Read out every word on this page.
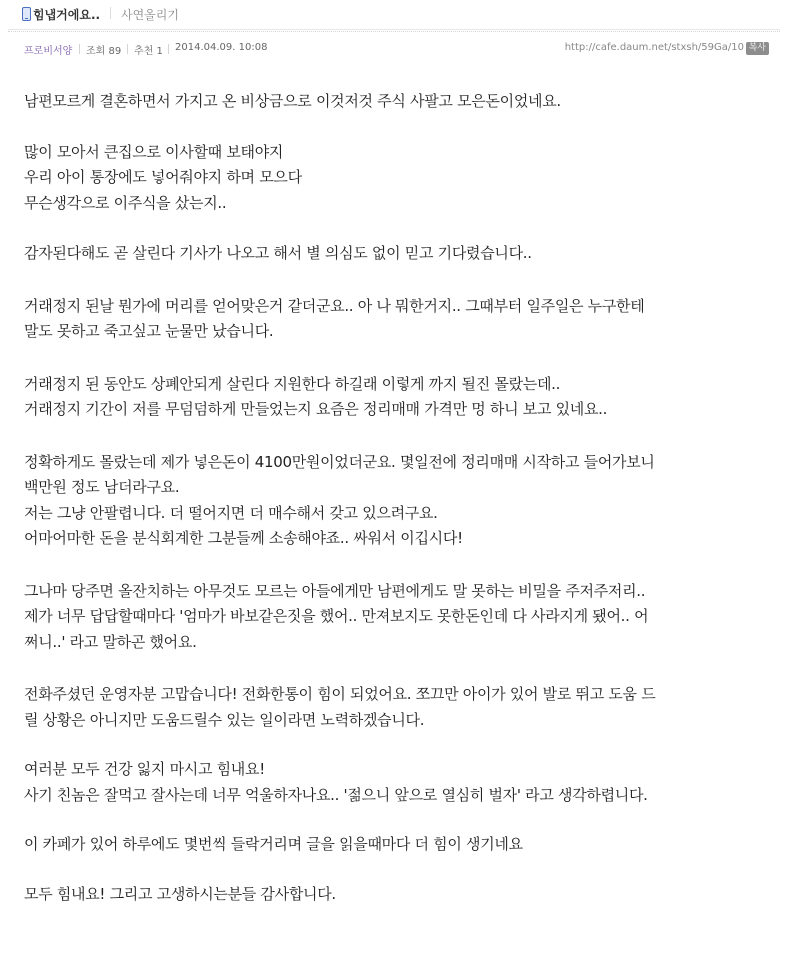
힘냅거에요.. 사연올리기
프로비서양 조회 89 추천 1 2014.04.09. 10:08	http://cafe.daum.net/stxsh/59Ga/10 복사

남편모르게 결혼하면서 가지고 온 비상금으로 이것저것 주식 사팔고 모은돈이었네요.

많이 모아서 큰집으로 이사할때 보태야지
우리 아이 통장에도 넣어줘야지 하며 모으다
무슨생각으로 이주식을 샀는지..

감자된다해도 곧 살린다 기사가 나오고 해서 별 의심도 없이 믿고 기다렸습니다..

거래정지 된날 뭔가에 머리를 얻어맞은거 같더군요.. 아 나 뭐한거지.. 그때부터 일주일은 누구한테
말도 못하고 죽고싶고 눈물만 났습니다.

거래정지 된 동안도 상폐안되게 살린다 지원한다 하길래 이렇게 까지 될진 몰랐는데..
거래정지 기간이 저를 무덤덤하게 만들었는지 요즘은 정리매매 가격만 멍 하니 보고 있네요..

정확하게도 몰랐는데 제가 넣은돈이 4100만원이었더군요. 몇일전에 정리매매 시작하고 들어가보니
백만원 정도 남더라구요.
저는 그냥 안팔렵니다. 더 떨어지면 더 매수해서 갖고 있으려구요.
어마어마한 돈을 분식회계한 그분들께 소송해야죠.. 싸워서 이깁시다!

그나마 당주면 올잔치하는 아무것도 모르는 아들에게만 남편에게도 말 못하는 비밀을 주저주저리..
제가 너무 답답할때마다 '엄마가 바보같은짓을 했어.. 만져보지도 못한돈인데 다 사라지게 됐어.. 어
쩌니..' 라고 말하곤 했어요.

전화주셨던 운영자분 고맙습니다! 전화한통이 힘이 되었어요. 쪼끄만 아이가 있어 발로 뛰고 도움 드
릴 상황은 아니지만 도움드릴수 있는 일이라면 노력하겠습니다.

여러분 모두 건강 잃지 마시고 힘내요!
사기 친놈은 잘먹고 잘사는데 너무 억울하자나요.. '젊으니 앞으로 열심히 벌자' 라고 생각하렵니다.

이 카페가 있어 하루에도 몇번씩 들락거리며 글을 읽을때마다 더 힘이 생기네요

모두 힘내요! 그리고 고생하시는분들 감사합니다.
